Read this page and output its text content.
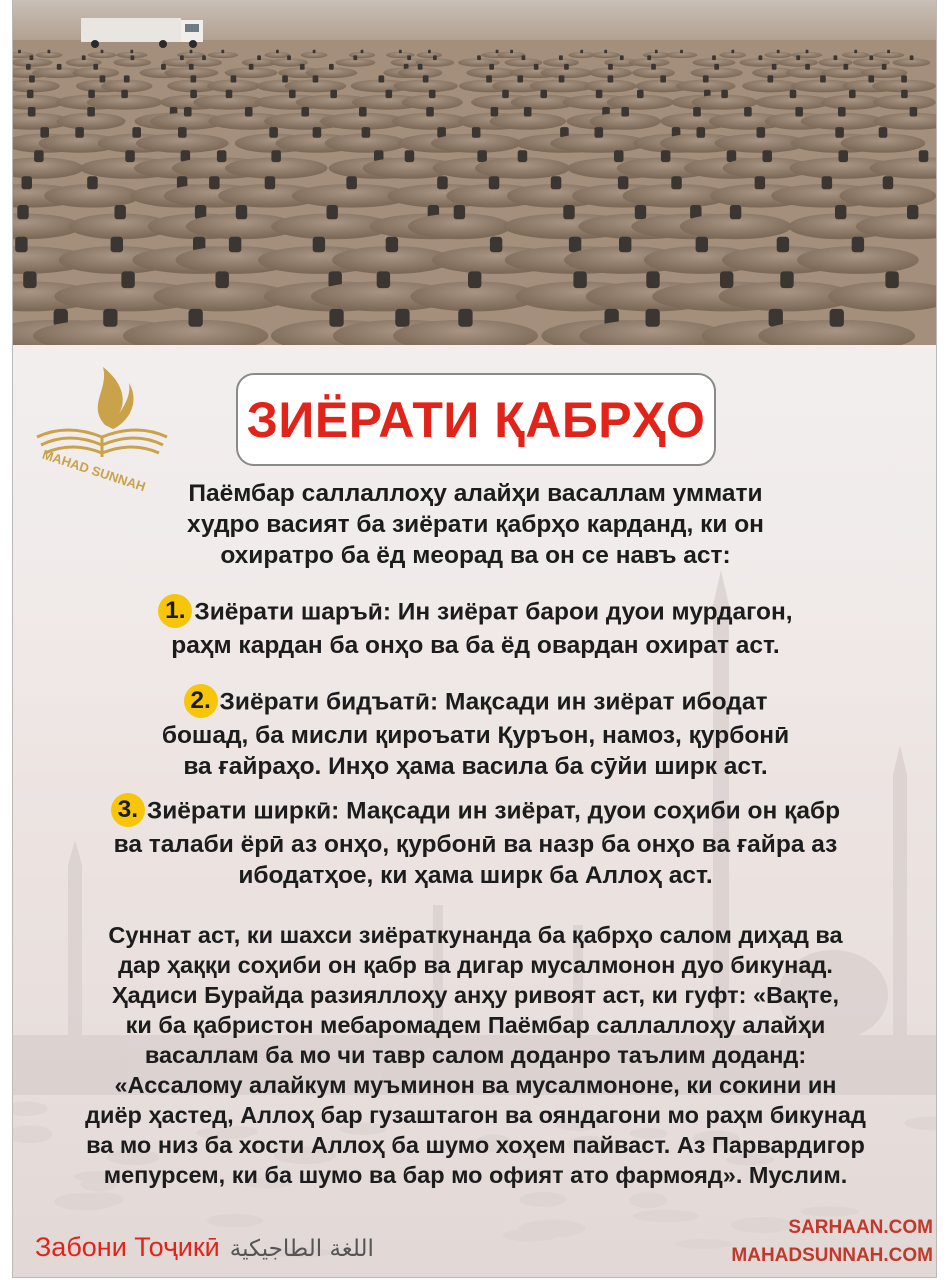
MAHAD SUNNAH
ЗИЁРАТИ ҚАБРҲО
Паёмбар саллаллоҳу алайҳи васаллам уммати
худро васият ба зиёрати қабрҳо карданд, ки он
охиратро ба ёд меорад ва он се навъ аст:
1. Зиёрати шаръӣ: Ин зиёрат барои дуои мурдагон,
раҳм кардан ба онҳо ва ба ёд овардан охират аст.
2. Зиёрати бидъатӣ: Мақсади ин зиёрат ибодат
бошад, ба мисли қироъати Қуръон, намоз, қурбонӣ
ва ғайраҳо. Инҳо ҳама васила ба сӯйи ширк аст.
3. Зиёрати ширкӣ: Мақсади ин зиёрат, дуои соҳиби он қабр
ва талаби ёрӣ аз онҳо, қурбонӣ ва назр ба онҳо ва ғайра аз
ибодатҳое, ки ҳама ширк ба Аллоҳ аст.
Суннат аст, ки шахси зиёраткунанда ба қабрҳо салом диҳад ва
дар ҳаққи соҳиби он қабр ва дигар мусалмонон дуо бикунад.
Ҳадиси Бурайда разияллоҳу анҳу ривоят аст, ки гуфт: «Вақте,
ки ба қабристон мебаромадем Паёмбар саллаллоҳу алайҳи
васаллам ба мо чи тавр салом доданро таълим доданд:
«Ассалому алайкум муъминон ва мусалмононе, ки сокини ин
диёр ҳастед, Аллоҳ бар гузаштагон ва ояндагони мо раҳм бикунад
ва мо низ ба хости Аллоҳ ба шумо хоҳем пайваст. Аз Парвардигор
мепурсем, ки ба шумо ва бар мо офият ато фармояд». Муслим.
Забони Тоҷикӣ اللغة الطاجيكية
SARHAAN.COM
MAHADSUNNAH.COM
